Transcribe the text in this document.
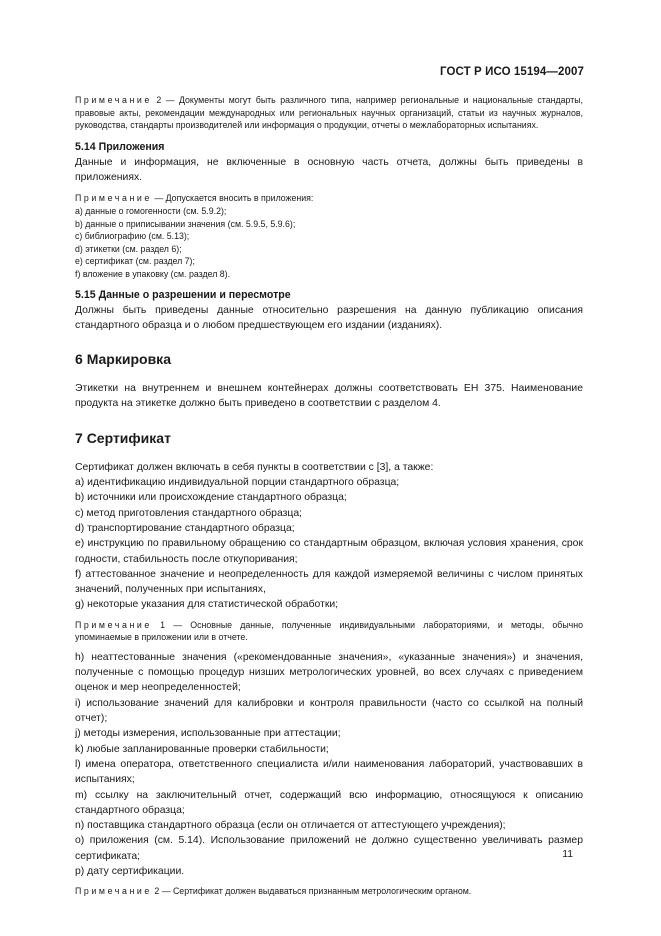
ГОСТ Р ИСО 15194—2007

Примечание 2 — Документы могут быть различного типа, например региональные и национальные стандарты, правовые акты, рекомендации международных или региональных научных организаций, статьи из научных журналов, руководства, стандарты производителей или информация о продукции, отчеты о межлабораторных испытаниях.

5.14 Приложения

Данные и информация, не включенные в основную часть отчета, должны быть приведены в приложениях.

Примечание — Допускается вносить в приложения:

a) данные о гомогенности (см. 5.9.2);

b) данные о приписывании значения (см. 5.9.5, 5.9.6);

c) библиографию (см. 5.13);

d) этикетки (см. раздел 6);

e) сертификат (см. раздел 7);

f) вложение в упаковку (см. раздел 8).

5.15 Данные о разрешении и пересмотре

Должны быть приведены данные относительно разрешения на данную публикацию описания стандартного образца и о любом предшествующем его издании (изданиях).

6 Маркировка

Этикетки на внутреннем и внешнем контейнерах должны соответствовать ЕН 375. Наименование продукта на этикетке должно быть приведено в соответствии с разделом 4.

7 Сертификат

Сертификат должен включать в себя пункты в соответствии с [3], а также:

a) идентификацию индивидуальной порции стандартного образца;

b) источники или происхождение стандартного образца;

c) метод приготовления стандартного образца;

d) транспортирование стандартного образца;

e) инструкцию по правильному обращению со стандартным образцом, включая условия хранения, срок годности, стабильность после откупоривания;

f) аттестованное значение и неопределенность для каждой измеряемой величины с числом принятых значений, полученных при испытаниях,

g) некоторые указания для статистической обработки;

Примечание 1 — Основные данные, полученные индивидуальными лабораториями, и методы, обычно упоминаемые в приложении или в отчете.

h) неаттестованные значения («рекомендованные значения», «указанные значения») и значения, полученные с помощью процедур низших метрологических уровней, во всех случаях с приведением оценок и мер неопределенностей;

i) использование значений для калибровки и контроля правильности (часто со ссылкой на полный отчет);

j) методы измерения, использованные при аттестации;

k) любые запланированные проверки стабильности;

l) имена оператора, ответственного специалиста и/или наименования лабораторий, участвовавших в испытаниях;

m) ссылку на заключительный отчет, содержащий всю информацию, относящуюся к описанию стандартного образца;

n) поставщика стандартного образца (если он отличается от аттестующего учреждения);

o) приложения (см. 5.14). Использование приложений не должно существенно увеличивать размер сертификата;

p) дату сертификации.

Примечание 2 — Сертификат должен выдаваться признанным метрологическим органом.

11
